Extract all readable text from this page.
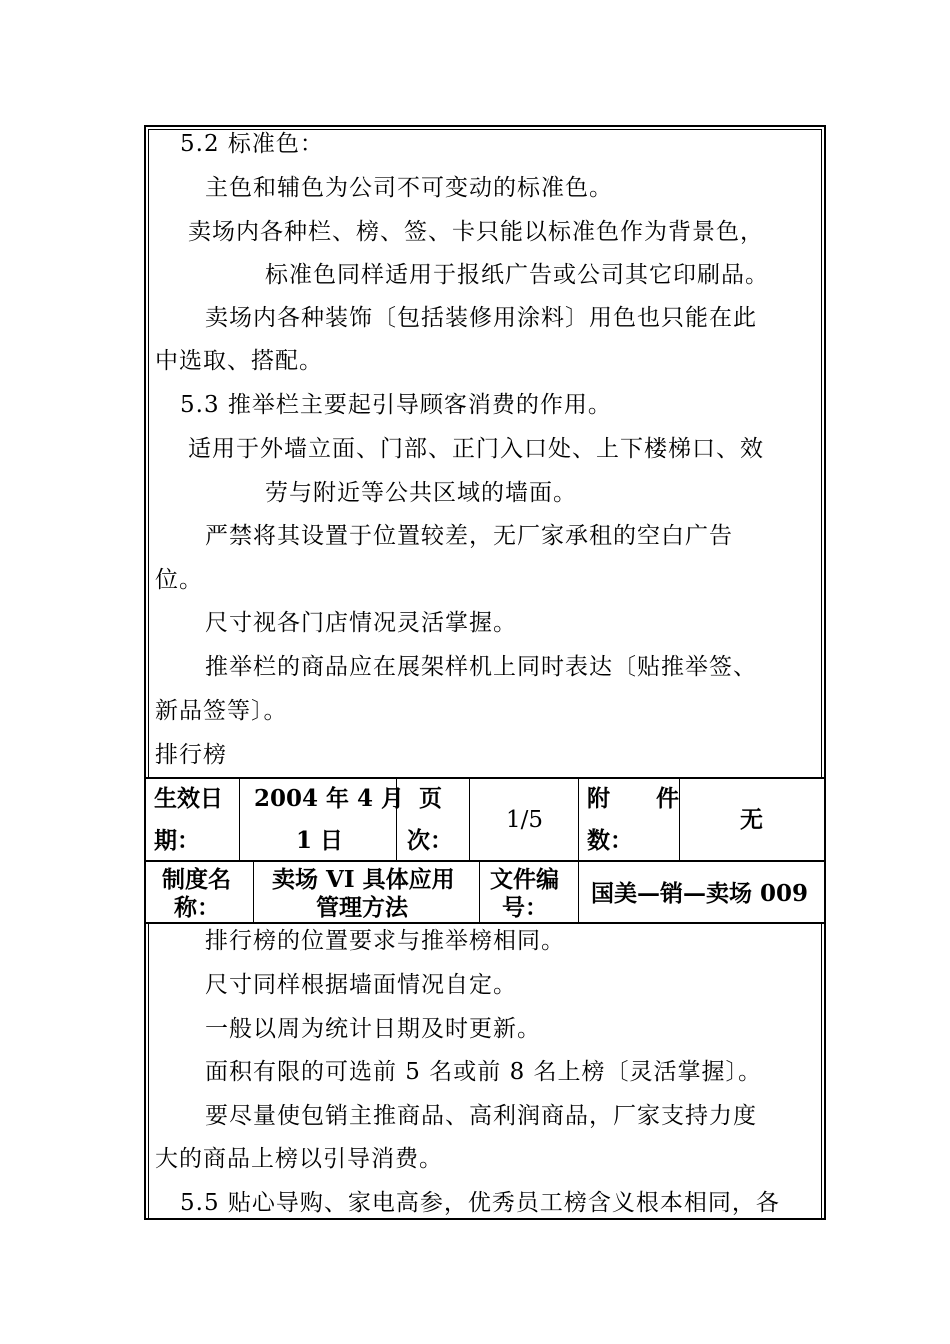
5.2 标准色：
主色和辅色为公司不可变动的标准色。
卖场内各种栏、榜、签、卡只能以标准色作为背景色，
标准色同样适用于报纸广告或公司其它印刷品。
卖场内各种装饰〔包括装修用涂料〕用色也只能在此
中选取、搭配。
5.3 推举栏主要起引导顾客消费的作用。
适用于外墙立面、门部、正门入口处、上下楼梯口、效
劳与附近等公共区域的墙面。
严禁将其设置于位置较差，无厂家承租的空白广告
位。
尺寸视各门店情况灵活掌握。
推举栏的商品应在展架样机上同时表达〔贴推举签、
新品签等〕。
排行榜
生效日
期：
2004 年 4 月
1 日
页
次：
1/5
附　　件
数：
无
制度名
称：
卖场 VI 具体应用
管理方法
文件编
号：
国美—销—卖场 009
排行榜的位置要求与推举榜相同。
尺寸同样根据墙面情况自定。
一般以周为统计日期及时更新。
面积有限的可选前 5 名或前 8 名上榜〔灵活掌握〕。
要尽量使包销主推商品、高利润商品，厂家支持力度
大的商品上榜以引导消费。
5.5 贴心导购、家电高参，优秀员工榜含义根本相同，各
